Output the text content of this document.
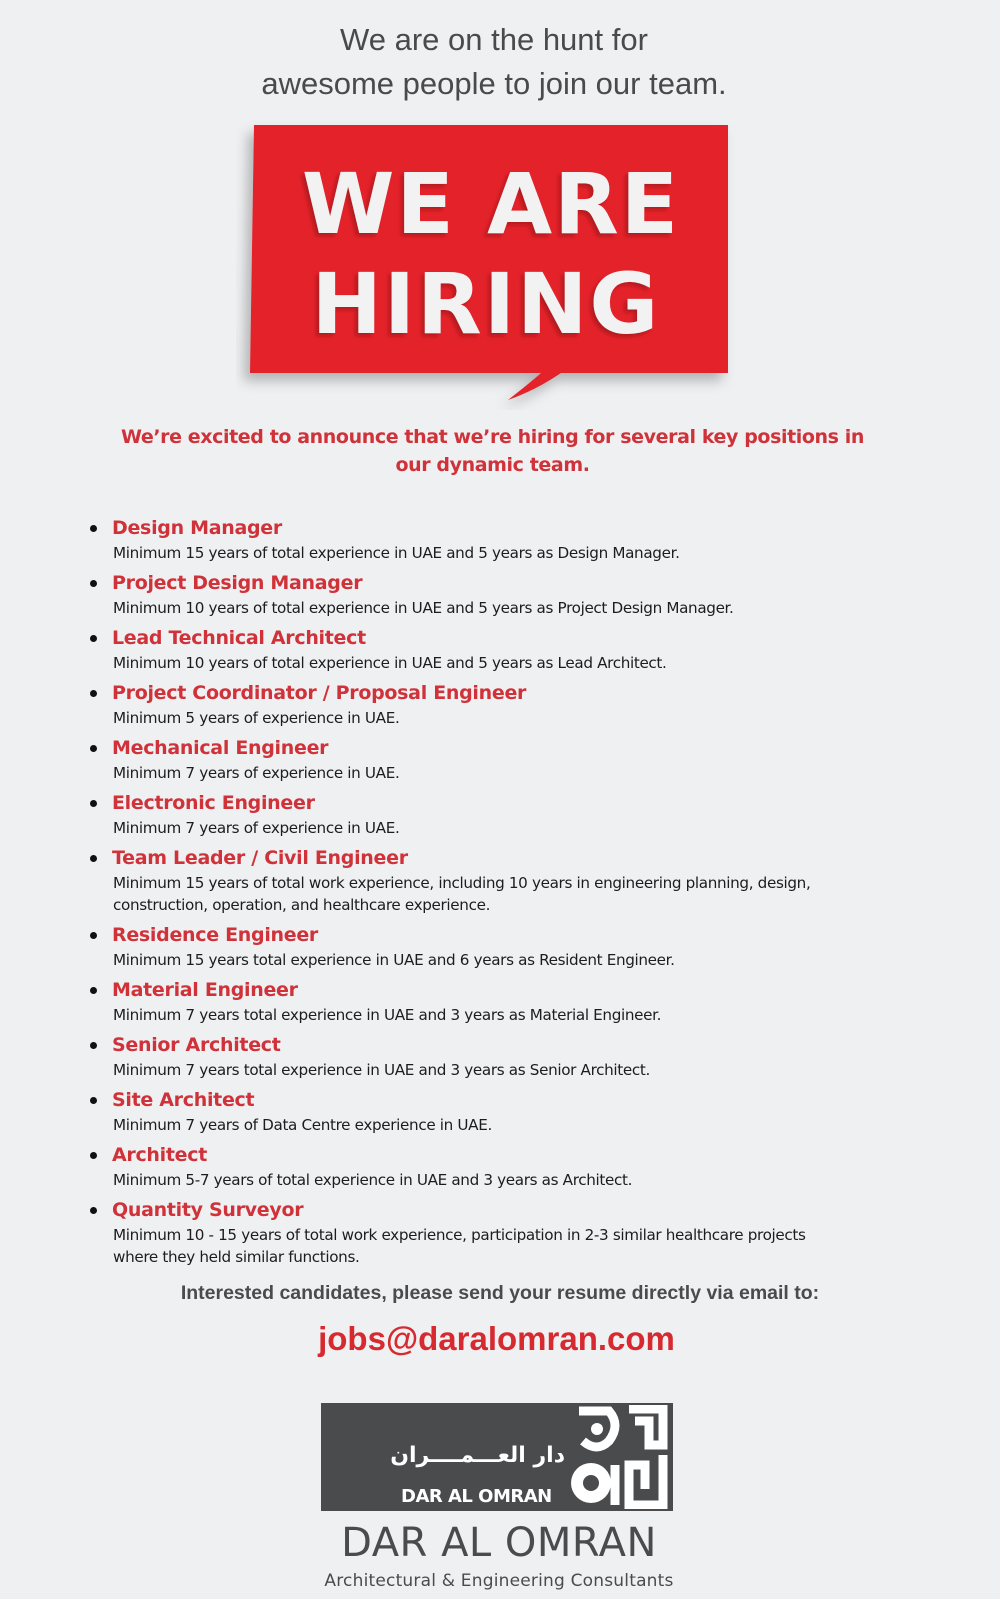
We are on the hunt for
awesome people to join our team.
WE ARE
HIRING
We’re excited to announce that we’re hiring for several key positions in our dynamic team.
Design Manager
Minimum 15 years of total experience in UAE and 5 years as Design Manager.
Project Design Manager
Minimum 10 years of total experience in UAE and 5 years as Project Design Manager.
Lead Technical Architect
Minimum 10 years of total experience in UAE and 5 years as Lead Architect.
Project Coordinator / Proposal Engineer
Minimum 5 years of experience in UAE.
Mechanical Engineer
Minimum 7 years of experience in UAE.
Electronic Engineer
Minimum 7 years of experience in UAE.
Team Leader / Civil Engineer
Minimum 15 years of total work experience, including 10 years in engineering planning, design, construction, operation, and healthcare experience.
Residence Engineer
Minimum 15 years total experience in UAE and 6 years as Resident Engineer.
Material Engineer
Minimum 7 years total experience in UAE and 3 years as Material Engineer.
Senior Architect
Minimum 7 years total experience in UAE and 3 years as Senior Architect.
Site Architect
Minimum 7 years of Data Centre experience in UAE.
Architect
Minimum 5-7 years of total experience in UAE and 3 years as Architect.
Quantity Surveyor
Minimum 10 - 15 years of total work experience, participation in 2-3 similar healthcare projects where they held similar functions.
Interested candidates, please send your resume directly via email to:
jobs@daralomran.com
دار العـــمــــران
DAR AL OMRAN
DAR AL OMRAN
Architectural & Engineering Consultants
